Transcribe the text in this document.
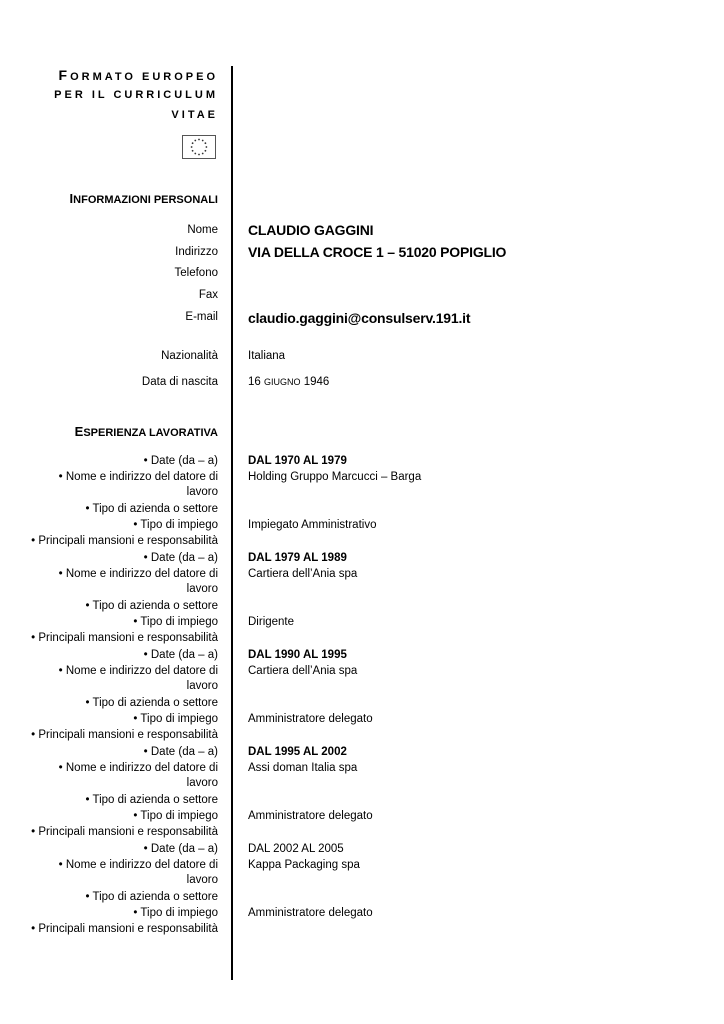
FORMATO EUROPEO
PER IL CURRICULUM
VITAE
INFORMAZIONI PERSONALI
Nome CLAUDIO GAGGINI
Indirizzo VIA DELLA CROCE 1 – 51020 POPIGLIO
Telefono
Fax
E-mail claudio.gaggini@consulserv.191.it
Nazionalità	Italiana
Data di nascita	16 GIUGNO 1946
ESPERIENZA LAVORATIVA
• Date (da – a)
• Nome e indirizzo del datore di
lavoro
• Tipo di azienda o settore
• Tipo di impiego
• Principali mansioni e responsabilità
DAL 1970 AL 1979
Holding Gruppo Marcucci – Barga
Impiegato Amministrativo
• Date (da – a)
• Nome e indirizzo del datore di
lavoro
• Tipo di azienda o settore
• Tipo di impiego
• Principali mansioni e responsabilità
DAL 1979 AL 1989
Cartiera dell’Ania spa
Dirigente
• Date (da – a)
• Nome e indirizzo del datore di
lavoro
• Tipo di azienda o settore
• Tipo di impiego
• Principali mansioni e responsabilità
DAL 1990 AL 1995
Cartiera dell’Ania spa
Amministratore delegato
• Date (da – a)
• Nome e indirizzo del datore di
lavoro
• Tipo di azienda o settore
• Tipo di impiego
• Principali mansioni e responsabilità
DAL 1995 AL 2002
Assi doman Italia spa
Amministratore delegato
• Date (da – a)
• Nome e indirizzo del datore di
lavoro
• Tipo di azienda o settore
• Tipo di impiego
• Principali mansioni e responsabilità
DAL 2002 AL 2005
Kappa Packaging spa
Amministratore delegato
